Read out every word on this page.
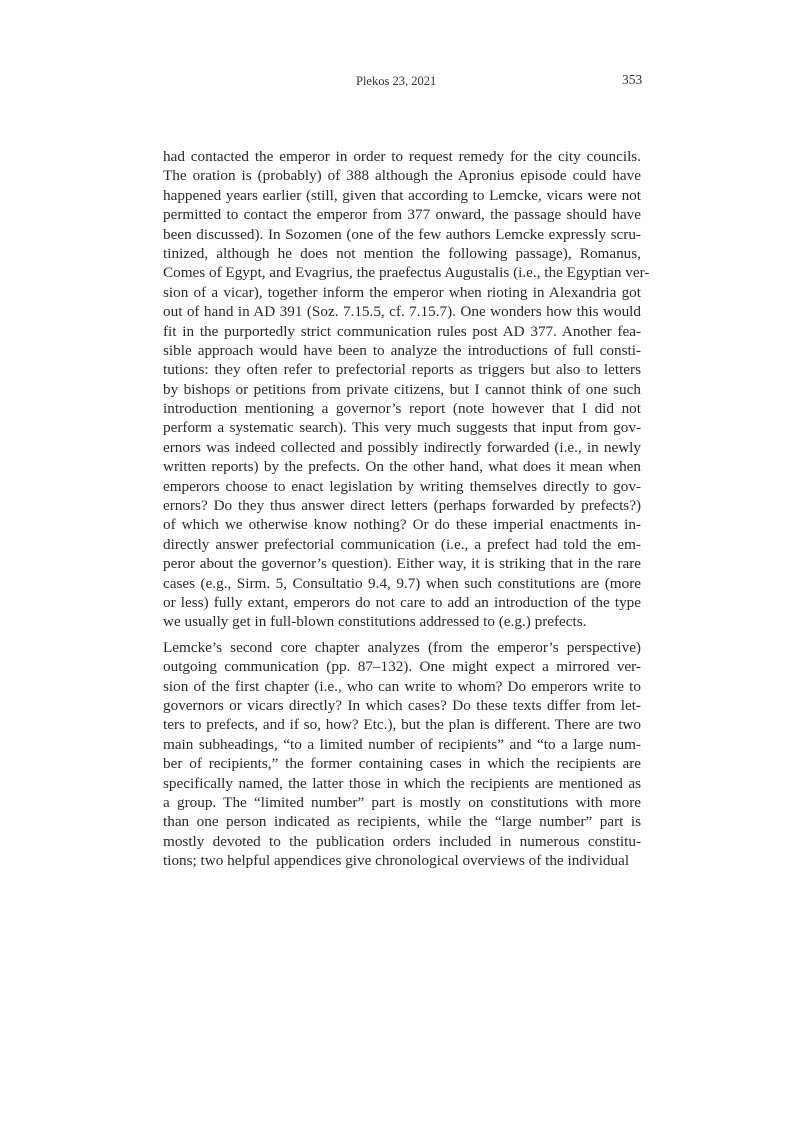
Plekos 23, 2021	353
had contacted the emperor in order to request remedy for the city councils.
The oration is (probably) of 388 although the Apronius episode could have
happened years earlier (still, given that according to Lemcke, vicars were not
permitted to contact the emperor from 377 onward, the passage should have
been discussed). In Sozomen (one of the few authors Lemcke expressly scru-
tinized, although he does not mention the following passage), Romanus,
Comes of Egypt, and Evagrius, the praefectus Augustalis (i.e., the Egyptian ver-
sion of a vicar), together inform the emperor when rioting in Alexandria got
out of hand in AD 391 (Soz. 7.15.5, cf. 7.15.7). One wonders how this would
fit in the purportedly strict communication rules post AD 377. Another fea-
sible approach would have been to analyze the introductions of full consti-
tutions: they often refer to prefectorial reports as triggers but also to letters
by bishops or petitions from private citizens, but I cannot think of one such
introduction mentioning a governor’s report (note however that I did not
perform a systematic search). This very much suggests that input from gov-
ernors was indeed collected and possibly indirectly forwarded (i.e., in newly
written reports) by the prefects. On the other hand, what does it mean when
emperors choose to enact legislation by writing themselves directly to gov-
ernors? Do they thus answer direct letters (perhaps forwarded by prefects?)
of which we otherwise know nothing? Or do these imperial enactments in-
directly answer prefectorial communication (i.e., a prefect had told the em-
peror about the governor’s question). Either way, it is striking that in the rare
cases (e.g., Sirm. 5, Consultatio 9.4, 9.7) when such constitutions are (more
or less) fully extant, emperors do not care to add an introduction of the type
we usually get in full-blown constitutions addressed to (e.g.) prefects.
Lemcke’s second core chapter analyzes (from the emperor’s perspective)
outgoing communication (pp. 87–132). One might expect a mirrored ver-
sion of the first chapter (i.e., who can write to whom? Do emperors write to
governors or vicars directly? In which cases? Do these texts differ from let-
ters to prefects, and if so, how? Etc.), but the plan is different. There are two
main subheadings, “to a limited number of recipients” and “to a large num-
ber of recipients,” the former containing cases in which the recipients are
specifically named, the latter those in which the recipients are mentioned as
a group. The “limited number” part is mostly on constitutions with more
than one person indicated as recipients, while the “large number” part is
mostly devoted to the publication orders included in numerous constitu-
tions; two helpful appendices give chronological overviews of the individual
